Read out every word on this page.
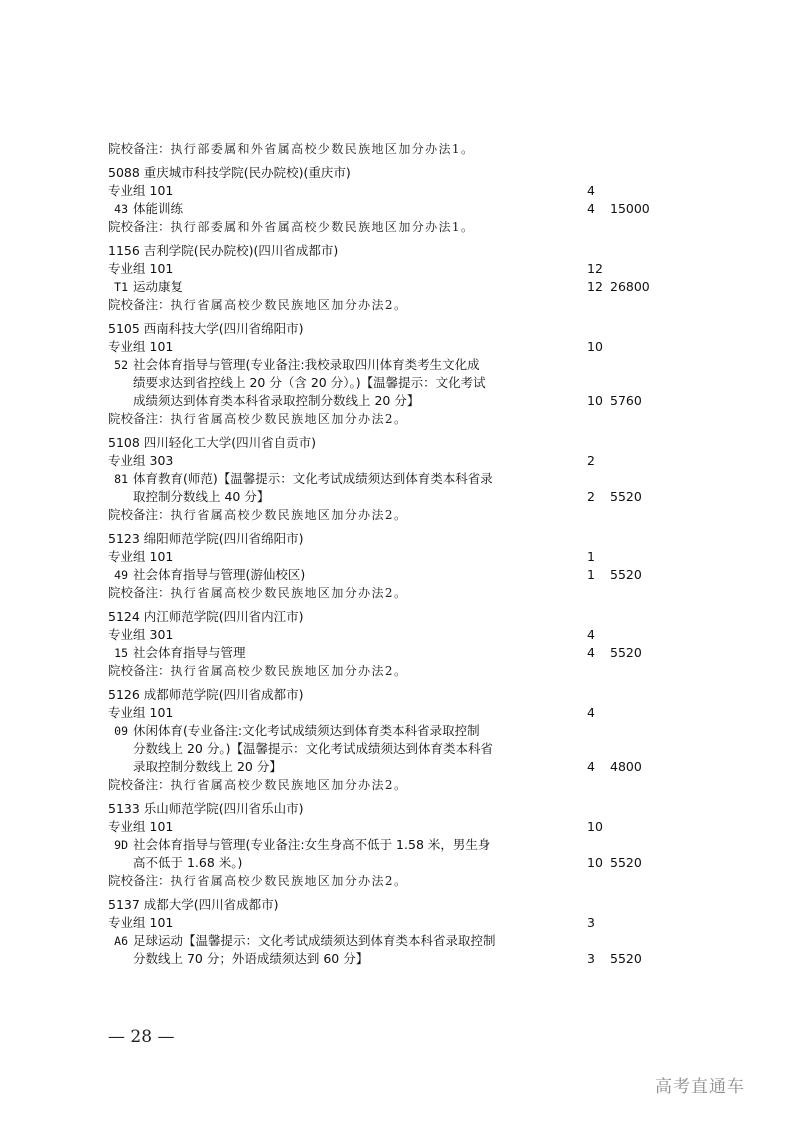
院校备注：执行部委属和外省属高校少数民族地区加分办法1。
5088 重庆城市科技学院(民办院校)(重庆市)
专业组 101	4
43 体能训练	4	15000
院校备注：执行部委属和外省属高校少数民族地区加分办法1。
1156 吉利学院(民办院校)(四川省成都市)
专业组 101	12
T1 运动康复	12 26800
院校备注：执行省属高校少数民族地区加分办法2。
5105 西南科技大学(四川省绵阳市)
专业组 101	10
52 社会体育指导与管理(专业备注:我校录取四川体育类考生文化成
绩要求达到省控线上 20 分（含 20 分）。)【温馨提示：文化考试
成绩须达到体育类本科省录取控制分数线上 20 分】	10 5760
院校备注：执行省属高校少数民族地区加分办法2。
5108 四川轻化工大学(四川省自贡市)
专业组 303	2
81 体育教育(师范)【温馨提示：文化考试成绩须达到体育类本科省录
取控制分数线上 40 分】	2	5520
院校备注：执行省属高校少数民族地区加分办法2。
5123 绵阳师范学院(四川省绵阳市)
专业组 101	1
49 社会体育指导与管理(游仙校区)	1	5520
院校备注：执行省属高校少数民族地区加分办法2。
5124 内江师范学院(四川省内江市)
专业组 301	4
15 社会体育指导与管理	4	5520
院校备注：执行省属高校少数民族地区加分办法2。
5126 成都师范学院(四川省成都市)
专业组 101	4
09 休闲体育(专业备注:文化考试成绩须达到体育类本科省录取控制
分数线上 20 分。)【温馨提示：文化考试成绩须达到体育类本科省
录取控制分数线上 20 分】	4	4800
院校备注：执行省属高校少数民族地区加分办法2。
5133 乐山师范学院(四川省乐山市)
专业组 101	10
9D 社会体育指导与管理(专业备注:女生身高不低于 1.58 米，男生身
高不低于 1.68 米。)	10 5520
院校备注：执行省属高校少数民族地区加分办法2。
5137 成都大学(四川省成都市)
专业组 101	3
A6 足球运动【温馨提示：文化考试成绩须达到体育类本科省录取控制
分数线上 70 分；外语成绩须达到 60 分】	3	5520
— 28 —
高考直通车
